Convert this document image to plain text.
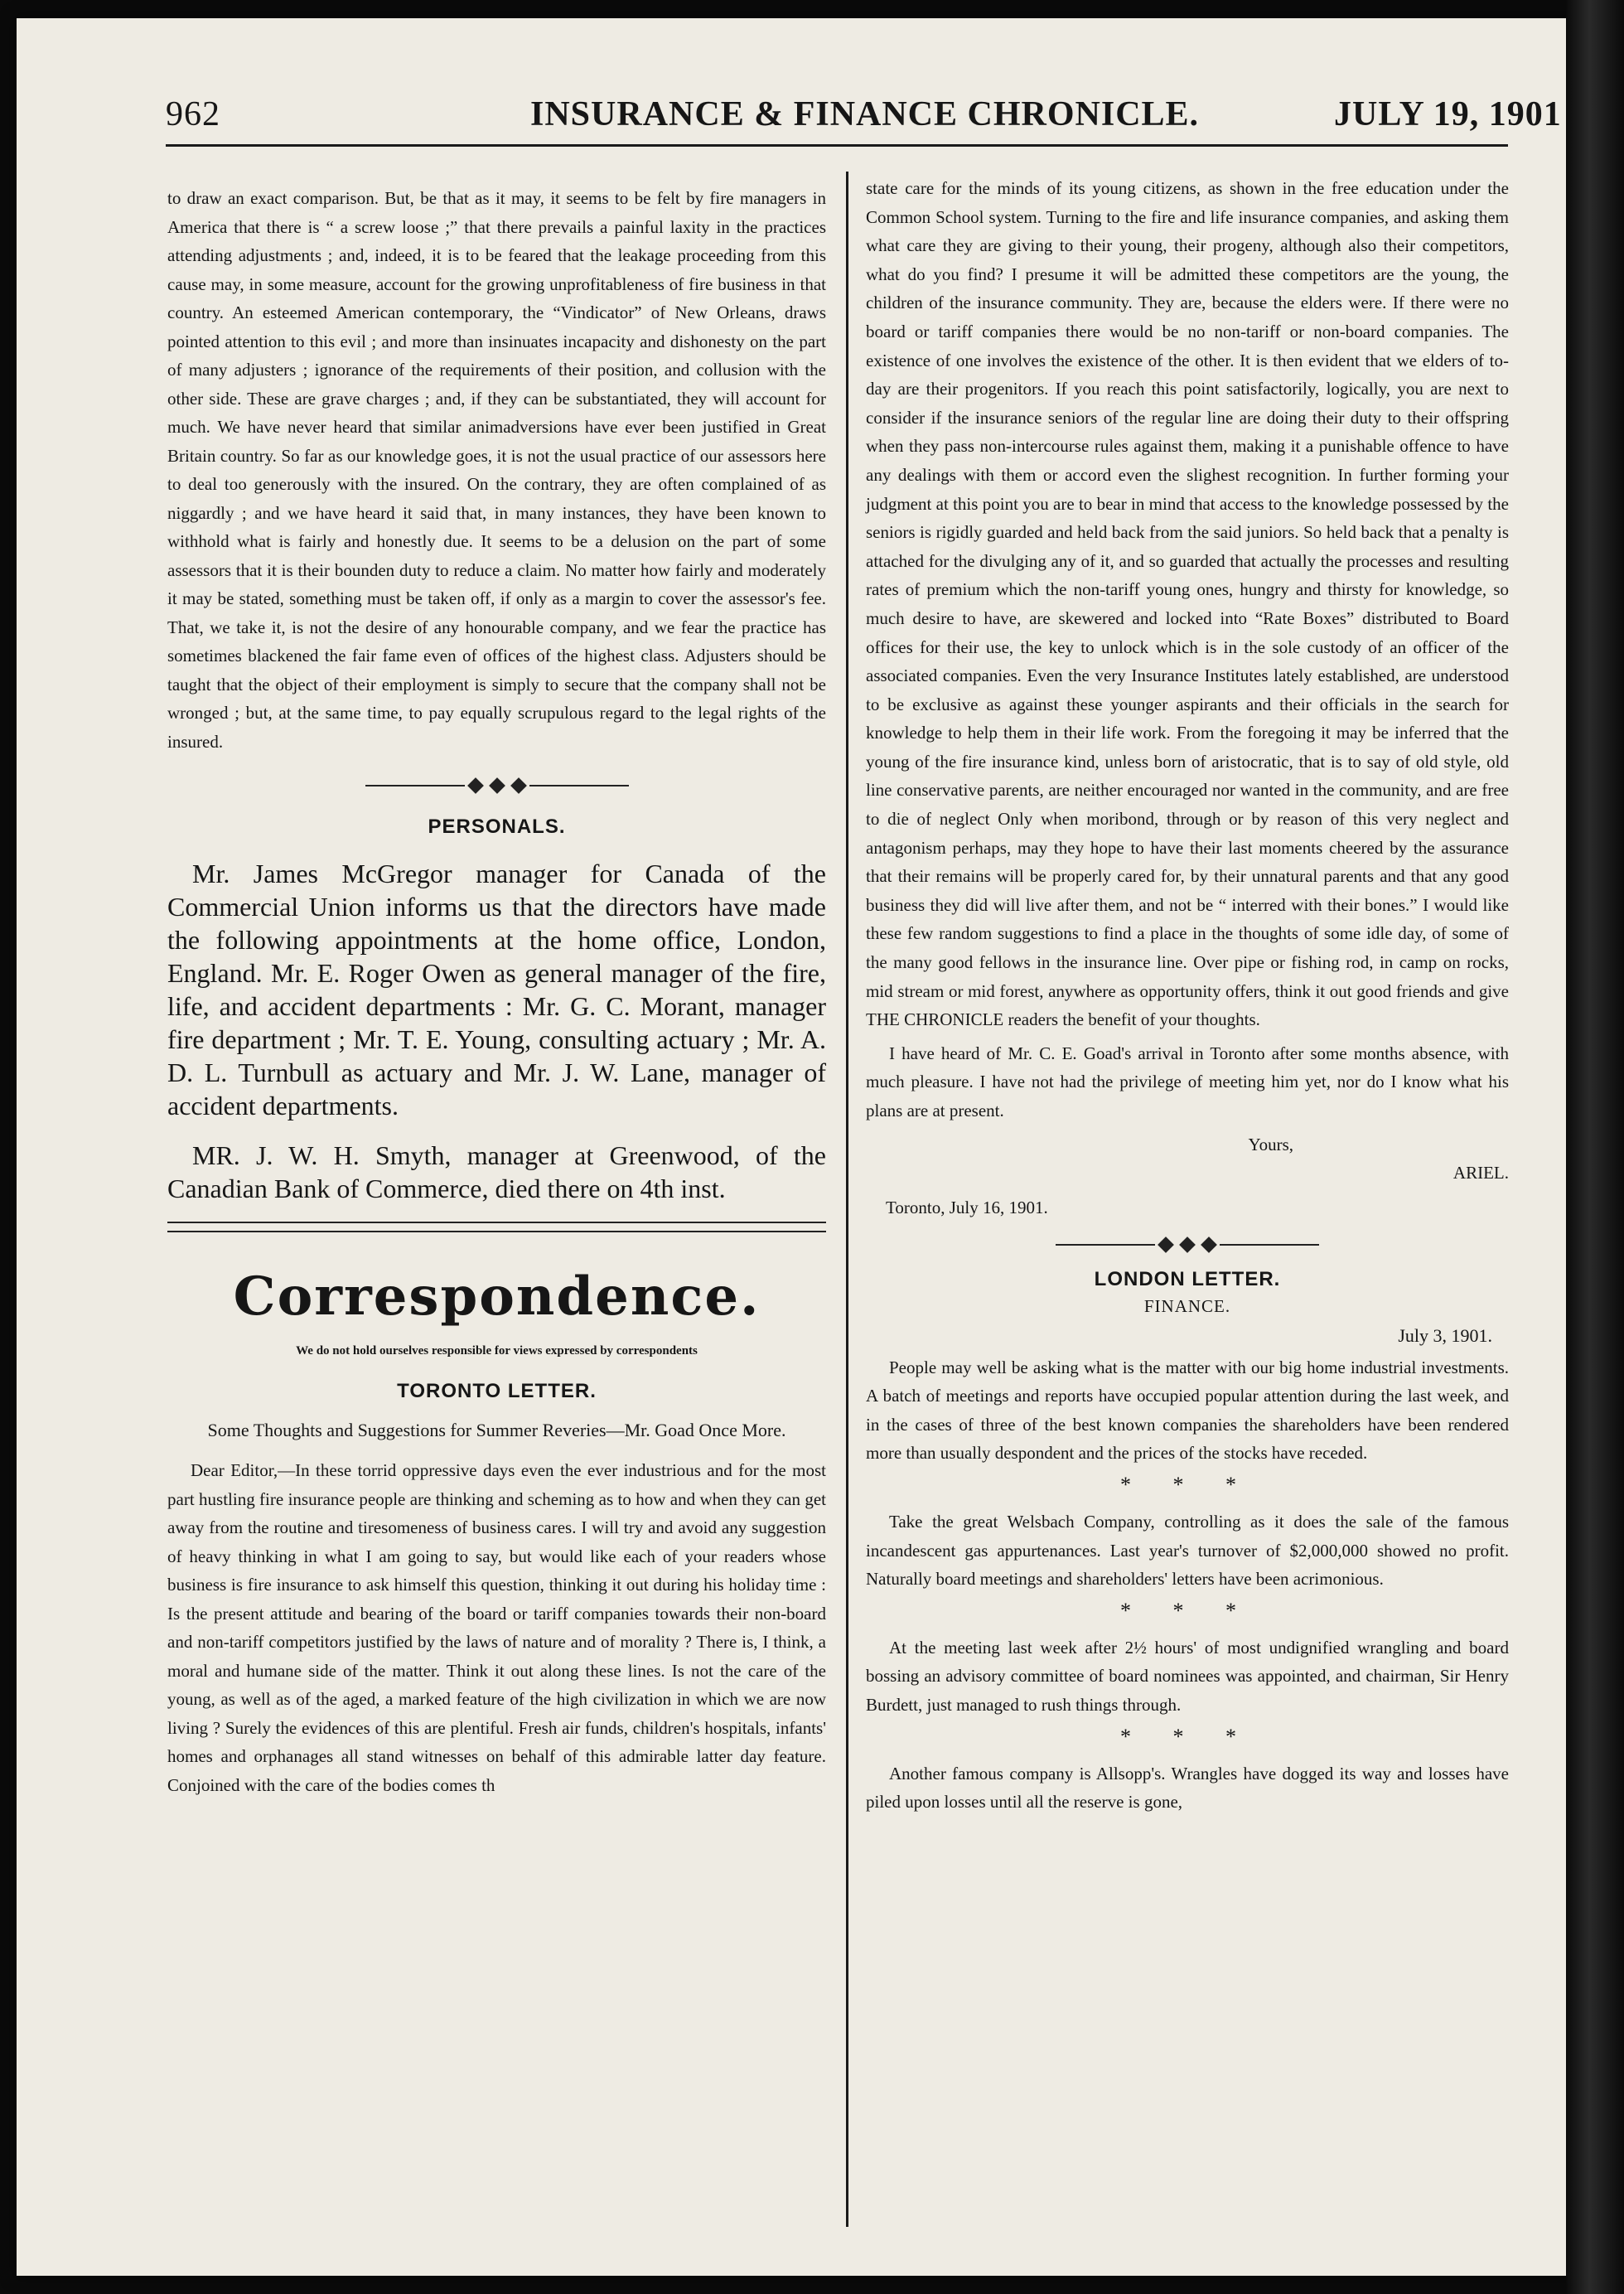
962	INSURANCE & FINANCE CHRONICLE.	JULY 19, 1901

to draw an exact comparison. But, be that as it may, it seems to be felt by fire managers in America that there is “ a screw loose ;” that there prevails a painful laxity in the practices attending adjustments ; and, indeed, it is to be feared that the leakage proceeding from this cause may, in some measure, account for the growing unprofitableness of fire business in that country. An esteemed American contemporary, the “Vindicator” of New Orleans, draws pointed attention to this evil ; and more than insinuates incapacity and dishonesty on the part of many adjusters ; ignorance of the requirements of their position, and collusion with the other side. These are grave charges ; and, if they can be substantiated, they will account for much. We have never heard that similar animadversions have ever been justified in Great Britain country. So far as our knowledge goes, it is not the usual practice of our assessors here to deal too generously with the insured. On the contrary, they are often complained of as niggardly ; and we have heard it said that, in many instances, they have been known to withhold what is fairly and honestly due. It seems to be a delusion on the part of some assessors that it is their bounden duty to reduce a claim. No matter how fairly and moderately it may be stated, something must be taken off, if only as a margin to cover the assessor's fee. That, we take it, is not the desire of any honourable company, and we fear the practice has sometimes blackened the fair fame even of offices of the highest class. Adjusters should be taught that the object of their employment is simply to secure that the company shall not be wronged ; but, at the same time, to pay equally scrupulous regard to the legal rights of the insured.

PERSONALS.

Mr. James McGregor manager for Canada of the Commercial Union informs us that the directors have made the following appointments at the home office, London, England. Mr. E. Roger Owen as general manager of the fire, life, and accident departments : Mr. G. C. Morant, manager fire department ; Mr. T. E. Young, consulting actuary ; Mr. A. D. L. Turnbull as actuary and Mr. J. W. Lane, manager of accident departments.

MR. J. W. H. Smyth, manager at Greenwood, of the Canadian Bank of Commerce, died there on 4th inst.

Correspondence.

We do not hold ourselves responsible for views expressed by correspondents

TORONTO LETTER.

Some Thoughts and Suggestions for Summer Reveries—Mr. Goad Once More.

Dear Editor,—In these torrid oppressive days even the ever industrious and for the most part hustling fire insurance people are thinking and scheming as to how and when they can get away from the routine and tiresomeness of business cares. I will try and avoid any suggestion of heavy thinking in what I am going to say, but would like each of your readers whose business is fire insurance to ask himself this question, thinking it out during his holiday time : Is the present attitude and bearing of the board or tariff companies towards their non-board and non-tariff competitors justified by the laws of nature and of morality ? There is, I think, a moral and humane side of the matter. Think it out along these lines. Is not the care of the young, as well as of the aged, a marked feature of the high civilization in which we are now living ? Surely the evidences of this are plentiful. Fresh air funds, children's hospitals, infants' homes and orphanages all stand witnesses on behalf of this admirable latter day feature. Conjoined with the care of the bodies comes th

state care for the minds of its young citizens, as shown in the free education under the Common School system. Turning to the fire and life insurance companies, and asking them what care they are giving to their young, their progeny, although also their competitors, what do you find? I presume it will be admitted these competitors are the young, the children of the insurance community. They are, because the elders were. If there were no board or tariff companies there would be no non-tariff or non-board companies. The existence of one involves the existence of the other. It is then evident that we elders of to-day are their progenitors. If you reach this point satisfactorily, logically, you are next to consider if the insurance seniors of the regular line are doing their duty to their offspring when they pass non-intercourse rules against them, making it a punishable offence to have any dealings with them or accord even the slighest recognition. In further forming your judgment at this point you are to bear in mind that access to the knowledge possessed by the seniors is rigidly guarded and held back from the said juniors. So held back that a penalty is attached for the divulging any of it, and so guarded that actually the processes and resulting rates of premium which the non-tariff young ones, hungry and thirsty for knowledge, so much desire to have, are skewered and locked into “Rate Boxes” distributed to Board offices for their use, the key to unlock which is in the sole custody of an officer of the associated companies. Even the very Insurance Institutes lately established, are understood to be exclusive as against these younger aspirants and their officials in the search for knowledge to help them in their life work. From the foregoing it may be inferred that the young of the fire insurance kind, unless born of aristocratic, that is to say of old style, old line conservative parents, are neither encouraged nor wanted in the community, and are free to die of neglect Only when moribond, through or by reason of this very neglect and antagonism perhaps, may they hope to have their last moments cheered by the assurance that their remains will be properly cared for, by their unnatural parents and that any good business they did will live after them, and not be “ interred with their bones.” I would like these few random suggestions to find a place in the thoughts of some idle day, of some of the many good fellows in the insurance line. Over pipe or fishing rod, in camp on rocks, mid stream or mid forest, anywhere as opportunity offers, think it out good friends and give THE CHRONICLE readers the benefit of your thoughts.

I have heard of Mr. C. E. Goad's arrival in Toronto after some months absence, with much pleasure. I have not had the privilege of meeting him yet, nor do I know what his plans are at present.

Yours,

ARIEL.

Toronto, July 16, 1901.

LONDON LETTER.

FINANCE.

July 3, 1901.

People may well be asking what is the matter with our big home industrial investments. A batch of meetings and reports have occupied popular attention during the last week, and in the cases of three of the best known companies the shareholders have been rendered more than usually despondent and the prices of the stocks have receded.

* * *

Take the great Welsbach Company, controlling as it does the sale of the famous incandescent gas appurtenances. Last year's turnover of $2,000,000 showed no profit. Naturally board meetings and shareholders' letters have been acrimonious.

* * *

At the meeting last week after 2½ hours' of most undignified wrangling and board bossing an advisory committee of board nominees was appointed, and chairman, Sir Henry Burdett, just managed to rush things through.

* * *

Another famous company is Allsopp's. Wrangles have dogged its way and losses have piled upon losses until all the reserve is gone,
